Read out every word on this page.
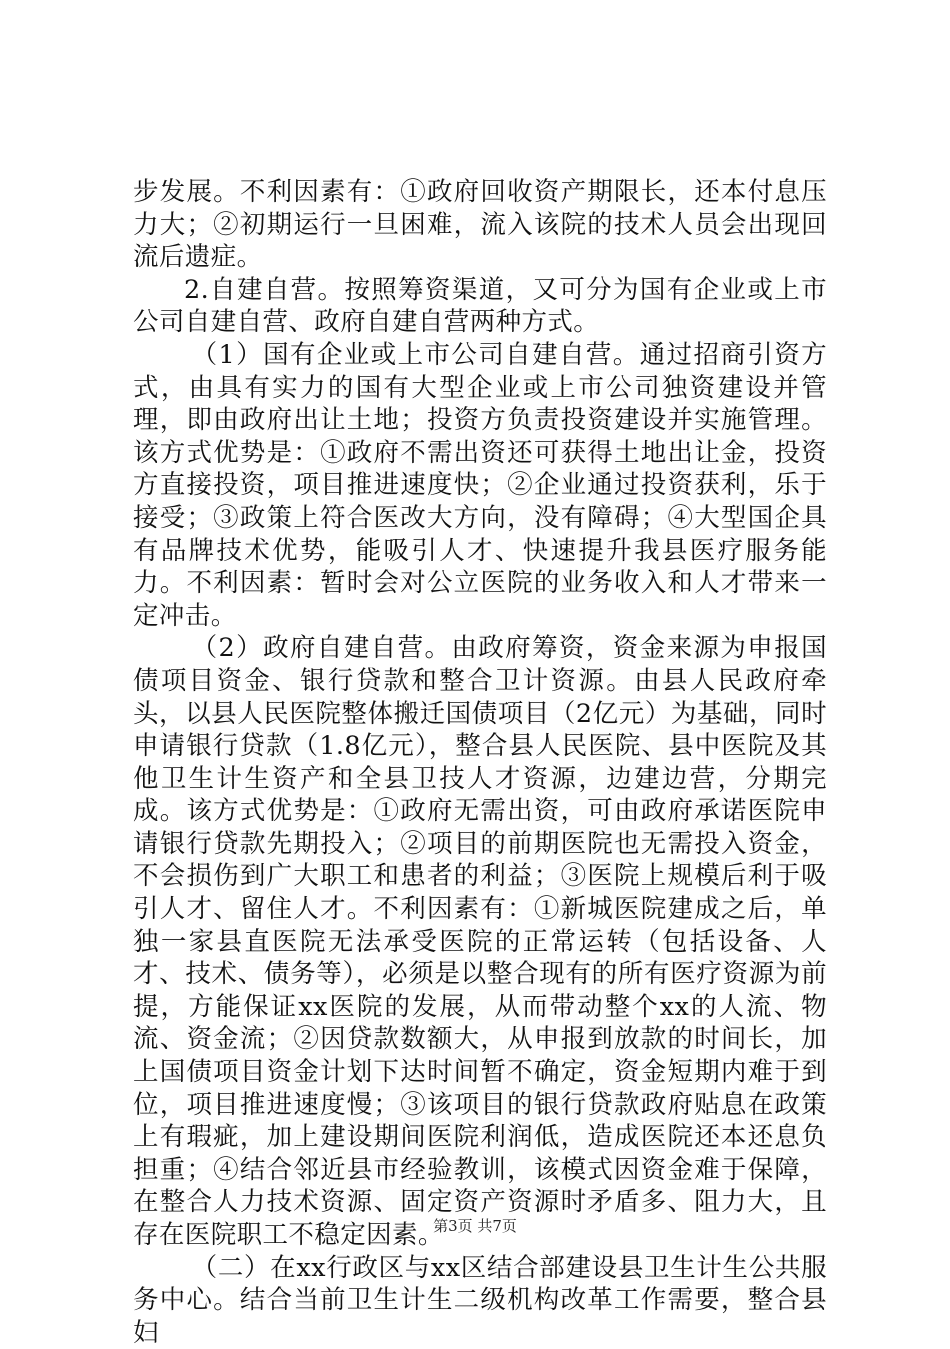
步发展。不利因素有：①政府回收资产期限长，还本付息压力大；②初期运行一旦困难，流入该院的技术人员会出现回流后遗症。

2.自建自营。按照筹资渠道，又可分为国有企业或上市公司自建自营、政府自建自营两种方式。

（1）国有企业或上市公司自建自营。通过招商引资方式，由具有实力的国有大型企业或上市公司独资建设并管理，即由政府出让土地；投资方负责投资建设并实施管理。该方式优势是：①政府不需出资还可获得土地出让金，投资方直接投资，项目推进速度快；②企业通过投资获利，乐于接受；③政策上符合医改大方向，没有障碍；④大型国企具有品牌技术优势，能吸引人才、快速提升我县医疗服务能力。不利因素：暂时会对公立医院的业务收入和人才带来一定冲击。

（2）政府自建自营。由政府筹资，资金来源为申报国债项目资金、银行贷款和整合卫计资源。由县人民政府牵头，以县人民医院整体搬迁国债项目（2亿元）为基础，同时申请银行贷款（1.8亿元），整合县人民医院、县中医院及其他卫生计生资产和全县卫技人才资源，边建边营，分期完成。该方式优势是：①政府无需出资，可由政府承诺医院申请银行贷款先期投入；②项目的前期医院也无需投入资金，不会损伤到广大职工和患者的利益；③医院上规模后利于吸引人才、留住人才。不利因素有：①新城医院建成之后，单独一家县直医院无法承受医院的正常运转（包括设备、人才、技术、债务等），必须是以整合现有的所有医疗资源为前提，方能保证xx医院的发展，从而带动整个xx的人流、物流、资金流；②因贷款数额大，从申报到放款的时间长，加上国债项目资金计划下达时间暂不确定，资金短期内难于到位，项目推进速度慢；③该项目的银行贷款政府贴息在政策上有瑕疵，加上建设期间医院利润低，造成医院还本还息负担重；④结合邻近县市经验教训，该模式因资金难于保障，在整合人力技术资源、固定资产资源时矛盾多、阻力大，且存在医院职工不稳定因素。

（二）在xx行政区与xx区结合部建设县卫生计生公共服务中心。结合当前卫生计生二级机构改革工作需要，整合县妇

第3页 共7页
